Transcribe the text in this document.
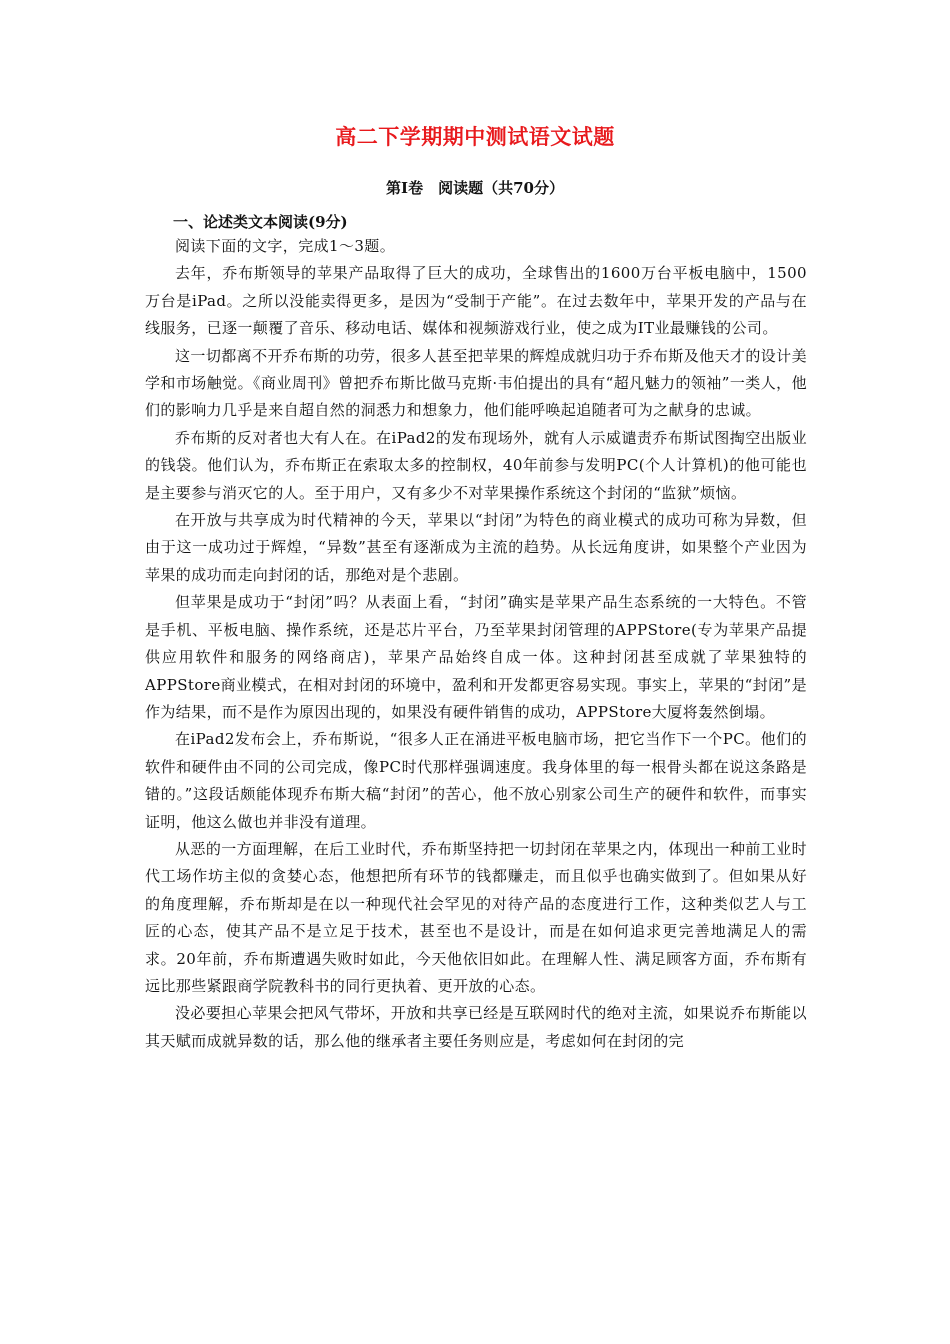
高二下学期期中测试语文试题
第Ⅰ卷　阅读题（共70分）
一、论述类文本阅读(9分)

阅读下面的文字，完成1～3题。

去年，乔布斯领导的苹果产品取得了巨大的成功，全球售出的1600万台平板电脑中，1500万台是iPad。之所以没能卖得更多，是因为“受制于产能”。在过去数年中，苹果开发的产品与在线服务，已逐一颠覆了音乐、移动电话、媒体和视频游戏行业，使之成为IT业最赚钱的公司。

这一切都离不开乔布斯的功劳，很多人甚至把苹果的辉煌成就归功于乔布斯及他天才的设计美学和市场触觉。《商业周刊》曾把乔布斯比做马克斯·韦伯提出的具有“超凡魅力的领袖”一类人，他们的影响力几乎是来自超自然的洞悉力和想象力，他们能呼唤起追随者可为之献身的忠诚。

乔布斯的反对者也大有人在。在iPad2的发布现场外，就有人示威谴责乔布斯试图掏空出版业的钱袋。他们认为，乔布斯正在索取太多的控制权，40年前参与发明PC(个人计算机)的他可能也是主要参与消灭它的人。至于用户，又有多少不对苹果操作系统这个封闭的“监狱”烦恼。

在开放与共享成为时代精神的今天，苹果以“封闭”为特色的商业模式的成功可称为异数，但由于这一成功过于辉煌，“异数”甚至有逐渐成为主流的趋势。从长远角度讲，如果整个产业因为苹果的成功而走向封闭的话，那绝对是个悲剧。

但苹果是成功于“封闭”吗？从表面上看，“封闭”确实是苹果产品生态系统的一大特色。不管是手机、平板电脑、操作系统，还是芯片平台，乃至苹果封闭管理的APPStore(专为苹果产品提供应用软件和服务的网络商店)，苹果产品始终自成一体。这种封闭甚至成就了苹果独特的APPStore商业模式，在相对封闭的环境中，盈利和开发都更容易实现。事实上，苹果的“封闭”是作为结果，而不是作为原因出现的，如果没有硬件销售的成功，APPStore大厦将轰然倒塌。

在iPad2发布会上，乔布斯说，“很多人正在涌进平板电脑市场，把它当作下一个PC。他们的软件和硬件由不同的公司完成，像PC时代那样强调速度。我身体里的每一根骨头都在说这条路是错的。”这段话颇能体现乔布斯大稿“封闭”的苦心，他不放心别家公司生产的硬件和软件，而事实证明，他这么做也并非没有道理。

从恶的一方面理解，在后工业时代，乔布斯坚持把一切封闭在苹果之内，体现出一种前工业时代工场作坊主似的贪婪心态，他想把所有环节的钱都赚走，而且似乎也确实做到了。但如果从好的角度理解，乔布斯却是在以一种现代社会罕见的对待产品的态度进行工作，这种类似艺人与工匠的心态，使其产品不是立足于技术，甚至也不是设计，而是在如何追求更完善地满足人的需求。20年前，乔布斯遭遇失败时如此，今天他依旧如此。在理解人性、满足顾客方面，乔布斯有远比那些紧跟商学院教科书的同行更执着、更开放的心态。

没必要担心苹果会把风气带坏，开放和共享已经是互联网时代的绝对主流，如果说乔布斯能以其天赋而成就异数的话，那么他的继承者主要任务则应是，考虑如何在封闭的完
